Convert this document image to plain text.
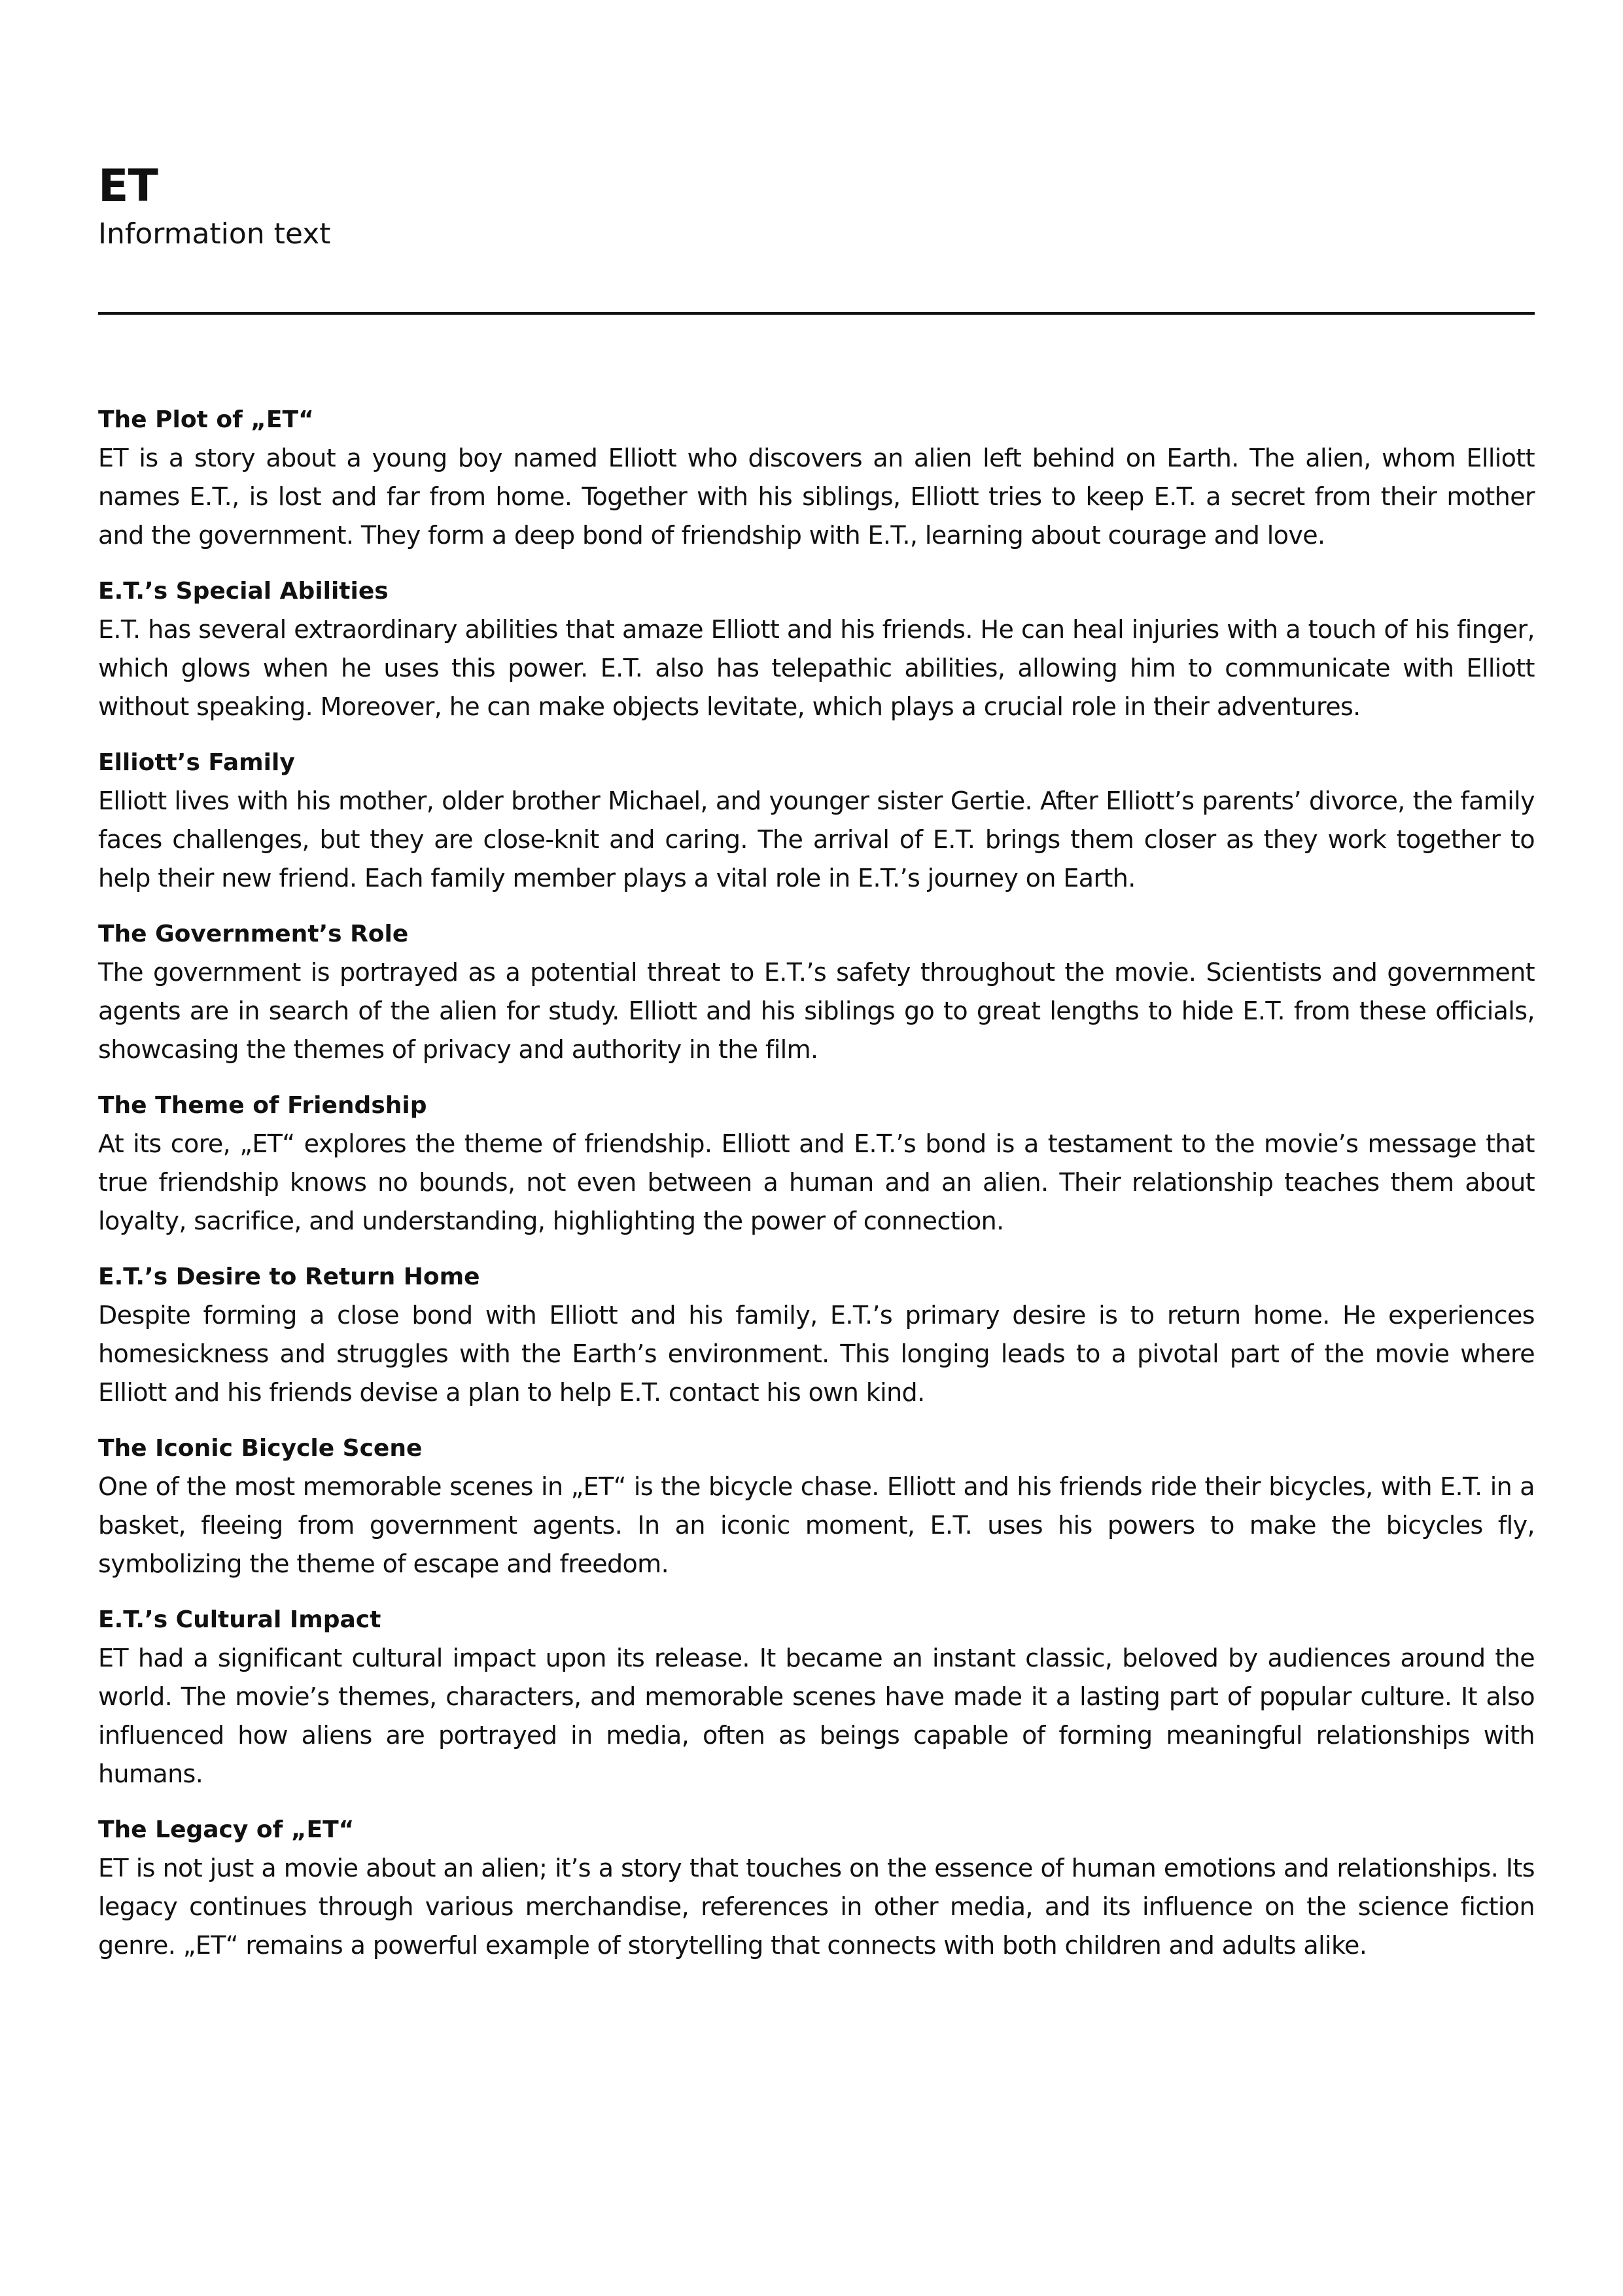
ET

Information text

The Plot of „ET“

ET is a story about a young boy named Elliott who discovers an alien left behind on Earth. The alien, whom Elliott names E.T., is lost and far from home. Together with his siblings, Elliott tries to keep E.T. a secret from their mother and the government. They form a deep bond of friendship with E.T., learning about courage and love.

E.T.’s Special Abilities

E.T. has several extraordinary abilities that amaze Elliott and his friends. He can heal injuries with a touch of his finger, which glows when he uses this power. E.T. also has telepathic abilities, allowing him to communicate with Elliott without speaking. Moreover, he can make objects levitate, which plays a crucial role in their adventures.

Elliott’s Family

Elliott lives with his mother, older brother Michael, and younger sister Gertie. After Elliott’s parents’ divorce, the family faces challenges, but they are close-knit and caring. The arrival of E.T. brings them closer as they work together to help their new friend. Each family member plays a vital role in E.T.’s journey on Earth.

The Government’s Role

The government is portrayed as a potential threat to E.T.’s safety throughout the movie. Scientists and government agents are in search of the alien for study. Elliott and his siblings go to great lengths to hide E.T. from these officials, showcasing the themes of privacy and authority in the film.

The Theme of Friendship

At its core, „ET“ explores the theme of friendship. Elliott and E.T.’s bond is a testament to the movie’s message that true friendship knows no bounds, not even between a human and an alien. Their relationship teaches them about loyalty, sacrifice, and understanding, highlighting the power of connection.

E.T.’s Desire to Return Home

Despite forming a close bond with Elliott and his family, E.T.’s primary desire is to return home. He experiences homesickness and struggles with the Earth’s environment. This longing leads to a pivotal part of the movie where Elliott and his friends devise a plan to help E.T. contact his own kind.

The Iconic Bicycle Scene

One of the most memorable scenes in „ET“ is the bicycle chase. Elliott and his friends ride their bicycles, with E.T. in a basket, fleeing from government agents. In an iconic moment, E.T. uses his powers to make the bicycles fly, symbolizing the theme of escape and freedom.

E.T.’s Cultural Impact

ET had a significant cultural impact upon its release. It became an instant classic, beloved by audiences around the world. The movie’s themes, characters, and memorable scenes have made it a lasting part of popular culture. It also influenced how aliens are portrayed in media, often as beings capable of forming meaningful relationships with humans.

The Legacy of „ET“

ET is not just a movie about an alien; it’s a story that touches on the essence of human emotions and relationships. Its legacy continues through various merchandise, references in other media, and its influence on the science fiction genre. „ET“ remains a powerful example of storytelling that connects with both children and adults alike.
